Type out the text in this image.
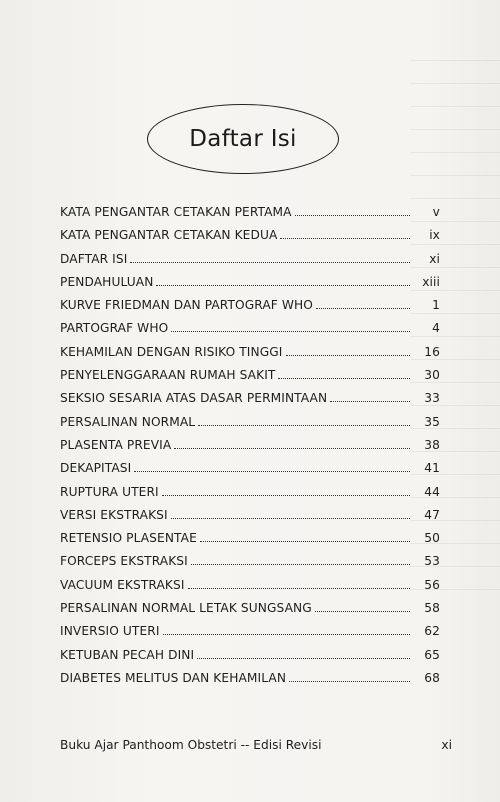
Daftar Isi
KATA PENGANTAR CETAKAN PERTAMA	v
KATA PENGANTAR CETAKAN KEDUA	ix
DAFTAR ISI	xi
PENDAHULUAN	xiii
KURVE FRIEDMAN DAN PARTOGRAF WHO	1
PARTOGRAF WHO	4
KEHAMILAN DENGAN RISIKO TINGGI	16
PENYELENGGARAAN RUMAH SAKIT	30
SEKSIO SESARIA ATAS DASAR PERMINTAAN	33
PERSALINAN NORMAL	35
PLASENTA PREVIA	38
DEKAPITASI	41
RUPTURA UTERI	44
VERSI EKSTRAKSI	47
RETENSIO PLASENTAE	50
FORCEPS EKSTRAKSI	53
VACUUM EKSTRAKSI	56
PERSALINAN NORMAL LETAK SUNGSANG	58
INVERSIO UTERI	62
KETUBAN PECAH DINI	65
DIABETES MELITUS DAN KEHAMILAN	68
Buku Ajar Panthoom Obstetri -- Edisi Revisi	xi
